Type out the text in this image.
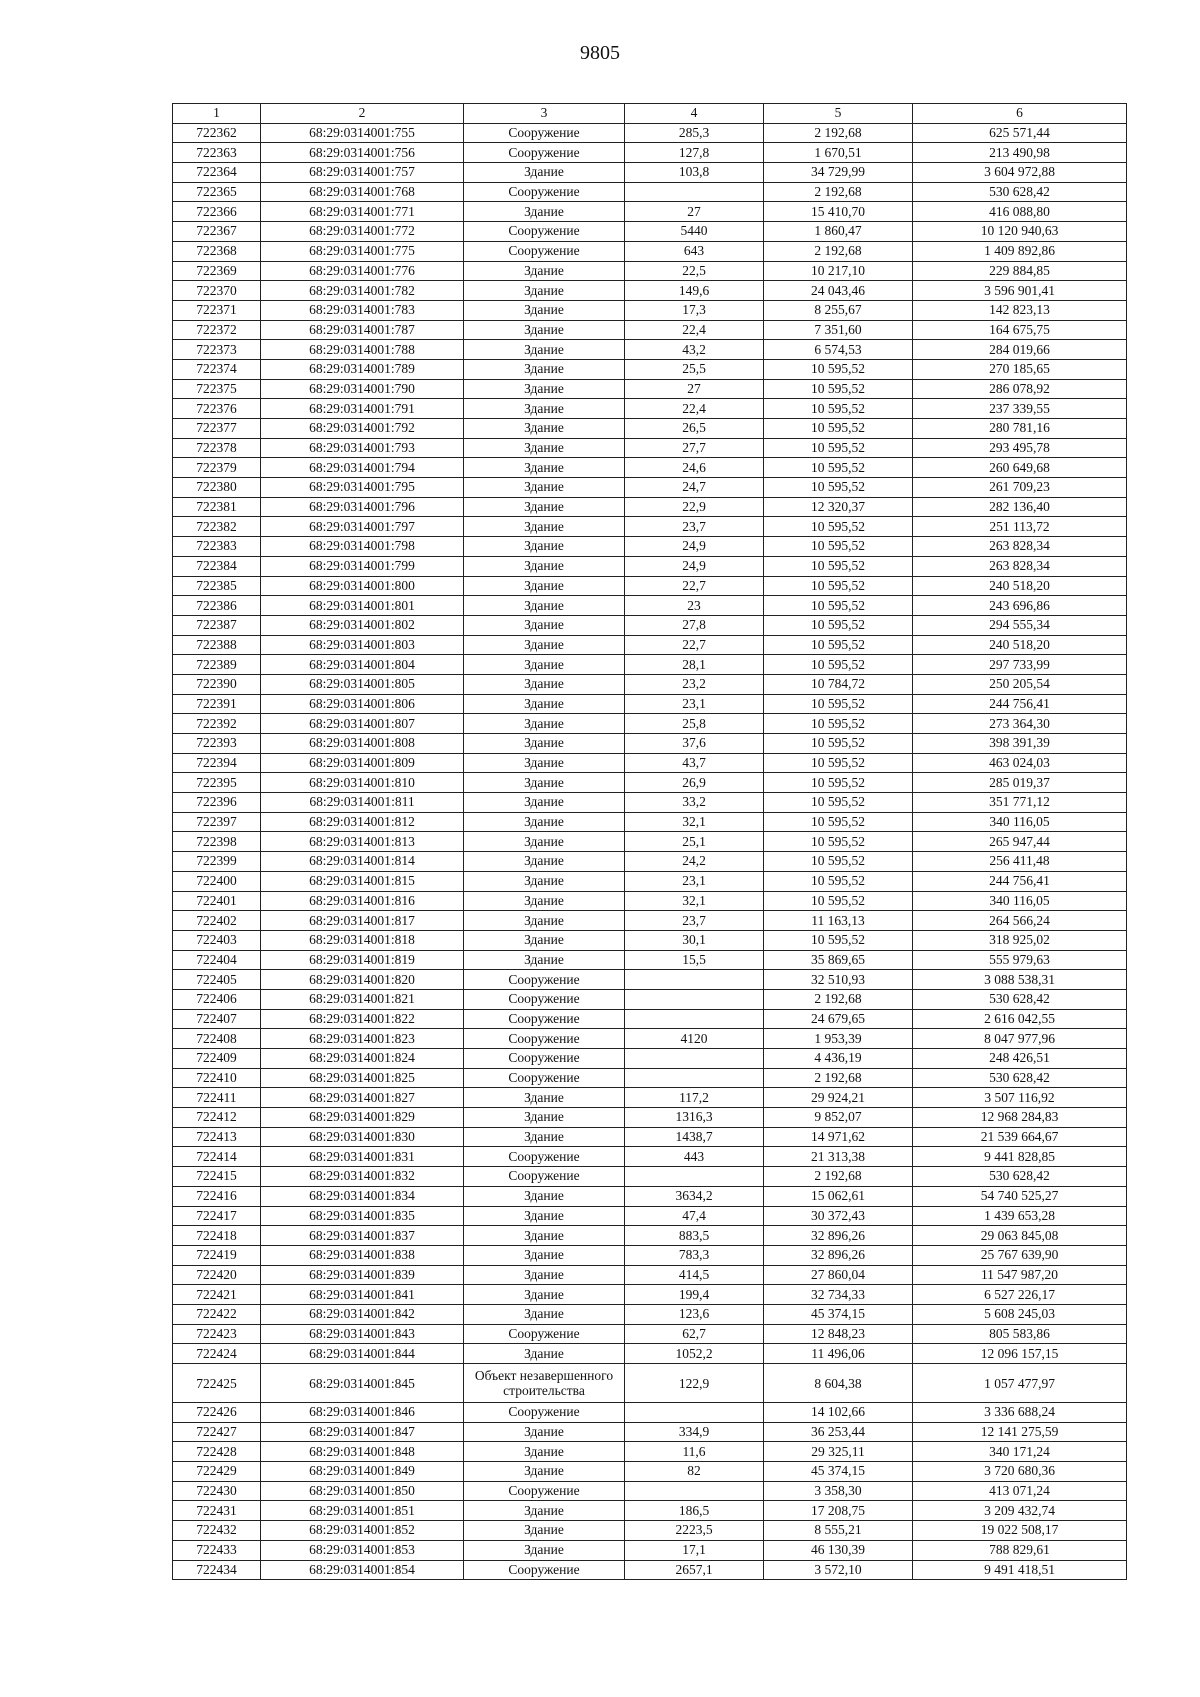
9805
1	2	3	4	5	6
722362	68:29:0314001:755	Сооружение	285,3	2 192,68	625 571,44
722363	68:29:0314001:756	Сооружение	127,8	1 670,51	213 490,98
722364	68:29:0314001:757	Здание	103,8	34 729,99	3 604 972,88
722365	68:29:0314001:768	Сооружение		2 192,68	530 628,42
722366	68:29:0314001:771	Здание	27	15 410,70	416 088,80
722367	68:29:0314001:772	Сооружение	5440	1 860,47	10 120 940,63
722368	68:29:0314001:775	Сооружение	643	2 192,68	1 409 892,86
722369	68:29:0314001:776	Здание	22,5	10 217,10	229 884,85
722370	68:29:0314001:782	Здание	149,6	24 043,46	3 596 901,41
722371	68:29:0314001:783	Здание	17,3	8 255,67	142 823,13
722372	68:29:0314001:787	Здание	22,4	7 351,60	164 675,75
722373	68:29:0314001:788	Здание	43,2	6 574,53	284 019,66
722374	68:29:0314001:789	Здание	25,5	10 595,52	270 185,65
722375	68:29:0314001:790	Здание	27	10 595,52	286 078,92
722376	68:29:0314001:791	Здание	22,4	10 595,52	237 339,55
722377	68:29:0314001:792	Здание	26,5	10 595,52	280 781,16
722378	68:29:0314001:793	Здание	27,7	10 595,52	293 495,78
722379	68:29:0314001:794	Здание	24,6	10 595,52	260 649,68
722380	68:29:0314001:795	Здание	24,7	10 595,52	261 709,23
722381	68:29:0314001:796	Здание	22,9	12 320,37	282 136,40
722382	68:29:0314001:797	Здание	23,7	10 595,52	251 113,72
722383	68:29:0314001:798	Здание	24,9	10 595,52	263 828,34
722384	68:29:0314001:799	Здание	24,9	10 595,52	263 828,34
722385	68:29:0314001:800	Здание	22,7	10 595,52	240 518,20
722386	68:29:0314001:801	Здание	23	10 595,52	243 696,86
722387	68:29:0314001:802	Здание	27,8	10 595,52	294 555,34
722388	68:29:0314001:803	Здание	22,7	10 595,52	240 518,20
722389	68:29:0314001:804	Здание	28,1	10 595,52	297 733,99
722390	68:29:0314001:805	Здание	23,2	10 784,72	250 205,54
722391	68:29:0314001:806	Здание	23,1	10 595,52	244 756,41
722392	68:29:0314001:807	Здание	25,8	10 595,52	273 364,30
722393	68:29:0314001:808	Здание	37,6	10 595,52	398 391,39
722394	68:29:0314001:809	Здание	43,7	10 595,52	463 024,03
722395	68:29:0314001:810	Здание	26,9	10 595,52	285 019,37
722396	68:29:0314001:811	Здание	33,2	10 595,52	351 771,12
722397	68:29:0314001:812	Здание	32,1	10 595,52	340 116,05
722398	68:29:0314001:813	Здание	25,1	10 595,52	265 947,44
722399	68:29:0314001:814	Здание	24,2	10 595,52	256 411,48
722400	68:29:0314001:815	Здание	23,1	10 595,52	244 756,41
722401	68:29:0314001:816	Здание	32,1	10 595,52	340 116,05
722402	68:29:0314001:817	Здание	23,7	11 163,13	264 566,24
722403	68:29:0314001:818	Здание	30,1	10 595,52	318 925,02
722404	68:29:0314001:819	Здание	15,5	35 869,65	555 979,63
722405	68:29:0314001:820	Сооружение		32 510,93	3 088 538,31
722406	68:29:0314001:821	Сооружение		2 192,68	530 628,42
722407	68:29:0314001:822	Сооружение		24 679,65	2 616 042,55
722408	68:29:0314001:823	Сооружение	4120	1 953,39	8 047 977,96
722409	68:29:0314001:824	Сооружение		4 436,19	248 426,51
722410	68:29:0314001:825	Сооружение		2 192,68	530 628,42
722411	68:29:0314001:827	Здание	117,2	29 924,21	3 507 116,92
722412	68:29:0314001:829	Здание	1316,3	9 852,07	12 968 284,83
722413	68:29:0314001:830	Здание	1438,7	14 971,62	21 539 664,67
722414	68:29:0314001:831	Сооружение	443	21 313,38	9 441 828,85
722415	68:29:0314001:832	Сооружение		2 192,68	530 628,42
722416	68:29:0314001:834	Здание	3634,2	15 062,61	54 740 525,27
722417	68:29:0314001:835	Здание	47,4	30 372,43	1 439 653,28
722418	68:29:0314001:837	Здание	883,5	32 896,26	29 063 845,08
722419	68:29:0314001:838	Здание	783,3	32 896,26	25 767 639,90
722420	68:29:0314001:839	Здание	414,5	27 860,04	11 547 987,20
722421	68:29:0314001:841	Здание	199,4	32 734,33	6 527 226,17
722422	68:29:0314001:842	Здание	123,6	45 374,15	5 608 245,03
722423	68:29:0314001:843	Сооружение	62,7	12 848,23	805 583,86
722424	68:29:0314001:844	Здание	1052,2	11 496,06	12 096 157,15
722425	68:29:0314001:845	Объект незавершенного строительства	122,9	8 604,38	1 057 477,97
722426	68:29:0314001:846	Сооружение		14 102,66	3 336 688,24
722427	68:29:0314001:847	Здание	334,9	36 253,44	12 141 275,59
722428	68:29:0314001:848	Здание	11,6	29 325,11	340 171,24
722429	68:29:0314001:849	Здание	82	45 374,15	3 720 680,36
722430	68:29:0314001:850	Сооружение		3 358,30	413 071,24
722431	68:29:0314001:851	Здание	186,5	17 208,75	3 209 432,74
722432	68:29:0314001:852	Здание	2223,5	8 555,21	19 022 508,17
722433	68:29:0314001:853	Здание	17,1	46 130,39	788 829,61
722434	68:29:0314001:854	Сооружение	2657,1	3 572,10	9 491 418,51
